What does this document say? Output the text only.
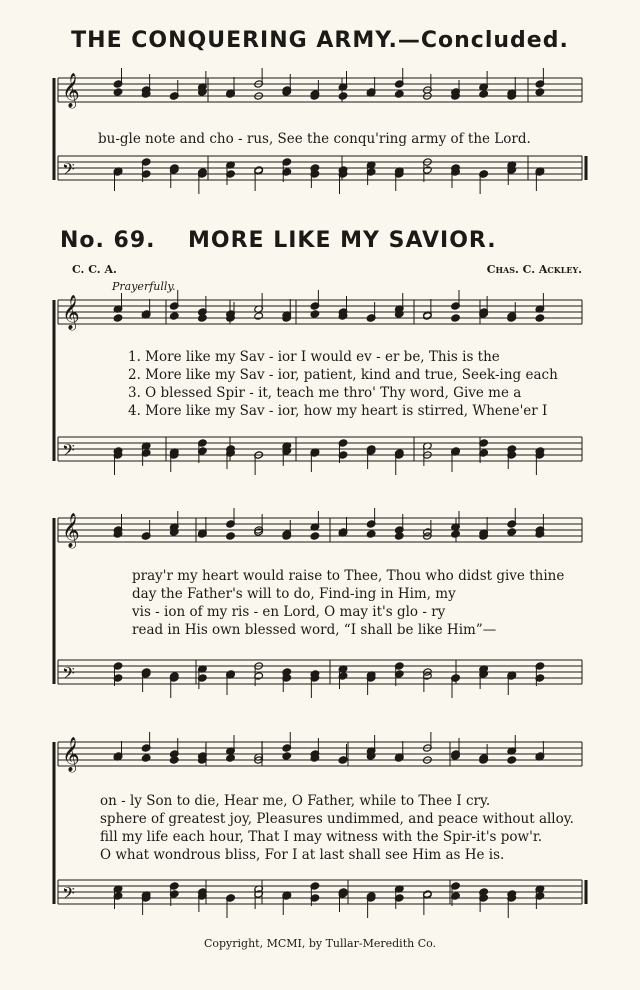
THE CONQUERING ARMY.—Concluded.
No. 69. MORE LIKE MY SAVIOR.
C. C. A.	Chas. C. Ackley.
Prayerfully.
𝄞
𝄢
𝄞
𝄢
𝄞
𝄢
𝄞
𝄢
bu-gle note and cho - rus, See the conqu'ring army of the Lord.
1. More like my Sav - ior I would ev - er be, This is the
2. More like my Sav - ior, patient, kind and true, Seek-ing each
3. O blessed Spir - it, teach me thro' Thy word, Give me a
4. More like my Sav - ior, how my heart is stirred, Whene'er I
pray'r my heart would raise to Thee, Thou who didst give thine
day the Father's will to do, Find-ing in Him, my
vis - ion of my ris - en Lord, O may it's glo - ry
read in His own blessed word, “I shall be like Him”—
on - ly Son to die, Hear me, O Father, while to Thee I cry.
sphere of greatest joy, Pleasures undimmed, and peace without alloy.
fill my life each hour, That I may witness with the Spir-it's pow'r.
O what wondrous bliss, For I at last shall see Him as He is.
Copyright, MCMI, by Tullar-Meredith Co.
